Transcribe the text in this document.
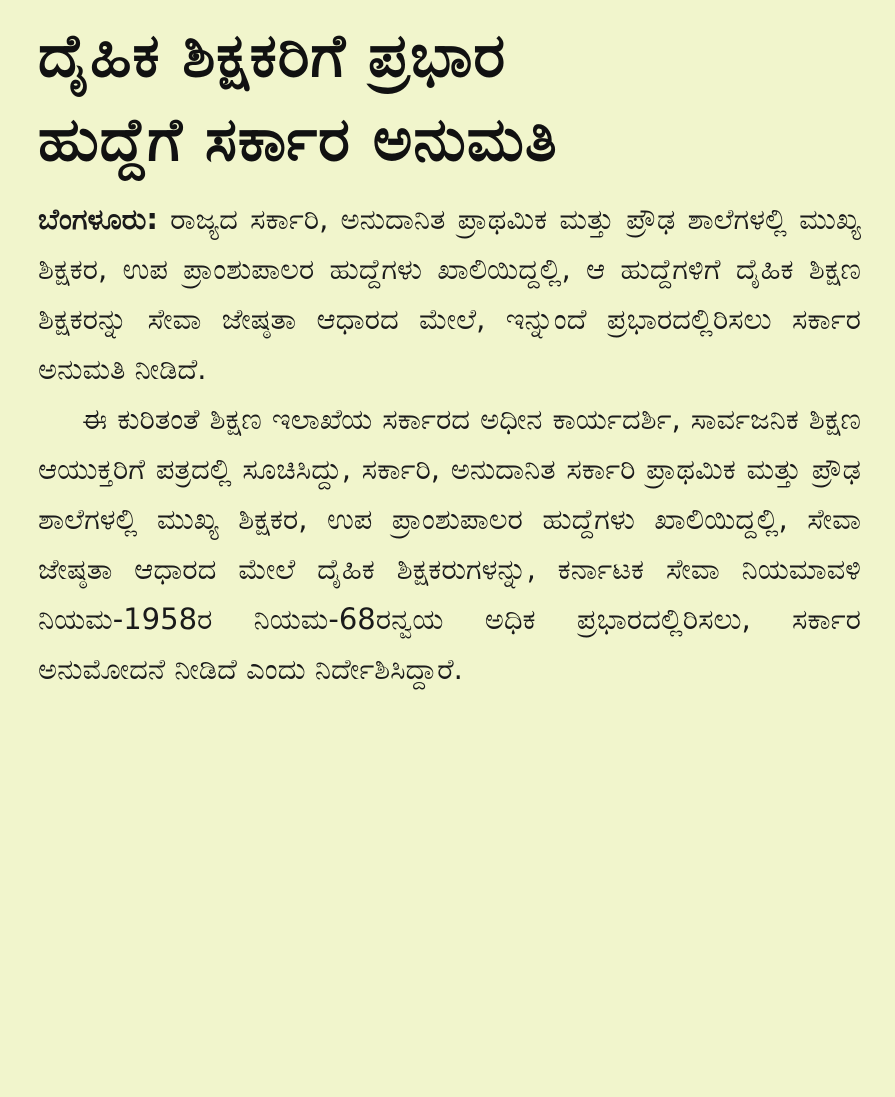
ದೈಹಿಕ ಶಿಕ್ಷಕರಿಗೆ ಪ್ರಭಾರ
ಹುದ್ದೆಗೆ ಸರ್ಕಾರ ಅನುಮತಿ

ಬೆಂಗಳೂರು: ರಾಜ್ಯದ ಸರ್ಕಾರಿ, ಅನುದಾನಿತ ಪ್ರಾಥಮಿಕ ಮತ್ತು ಪ್ರೌಢ ಶಾಲೆಗಳಲ್ಲಿ ಮುಖ್ಯ ಶಿಕ್ಷಕರ, ಉಪ ಪ್ರಾಂಶುಪಾಲರ ಹುದ್ದೆಗಳು ಖಾಲಿಯಿದ್ದಲ್ಲಿ, ಆ ಹುದ್ದೆಗಳಿಗೆ ದೈಹಿಕ ಶಿಕ್ಷಣ ಶಿಕ್ಷಕರನ್ನು ಸೇವಾ ಜೇಷ್ಠತಾ ಆಧಾರದ ಮೇಲೆ, ಇನ್ನುಂದೆ ಪ್ರಭಾರದಲ್ಲಿರಿಸಲು ಸರ್ಕಾರ ಅನುಮತಿ ನೀಡಿದೆ.

ಈ ಕುರಿತಂತೆ ಶಿಕ್ಷಣ ಇಲಾಖೆಯ ಸರ್ಕಾರದ ಅಧೀನ ಕಾರ್ಯದರ್ಶಿ, ಸಾರ್ವಜನಿಕ ಶಿಕ್ಷಣ ಆಯುಕ್ತರಿಗೆ ಪತ್ರದಲ್ಲಿ ಸೂಚಿಸಿದ್ದು, ಸರ್ಕಾರಿ, ಅನುದಾನಿತ ಸರ್ಕಾರಿ ಪ್ರಾಥಮಿಕ ಮತ್ತು ಪ್ರೌಢ ಶಾಲೆಗಳಲ್ಲಿ ಮುಖ್ಯ ಶಿಕ್ಷಕರ, ಉಪ ಪ್ರಾಂಶುಪಾಲರ ಹುದ್ದೆಗಳು ಖಾಲಿಯಿದ್ದಲ್ಲಿ, ಸೇವಾ ಜೇಷ್ಠತಾ ಆಧಾರದ ಮೇಲೆ ದೈಹಿಕ ಶಿಕ್ಷಕರುಗಳನ್ನು, ಕರ್ನಾಟಕ ಸೇವಾ ನಿಯಮಾವಳಿ ನಿಯಮ-1958ರ ನಿಯಮ-68ರನ್ವಯ ಅಧಿಕ ಪ್ರಭಾರದಲ್ಲಿರಿಸಲು, ಸರ್ಕಾರ ಅನುಮೋದನೆ ನೀಡಿದೆ ಎಂದು ನಿರ್ದೇಶಿಸಿದ್ದಾರೆ.
